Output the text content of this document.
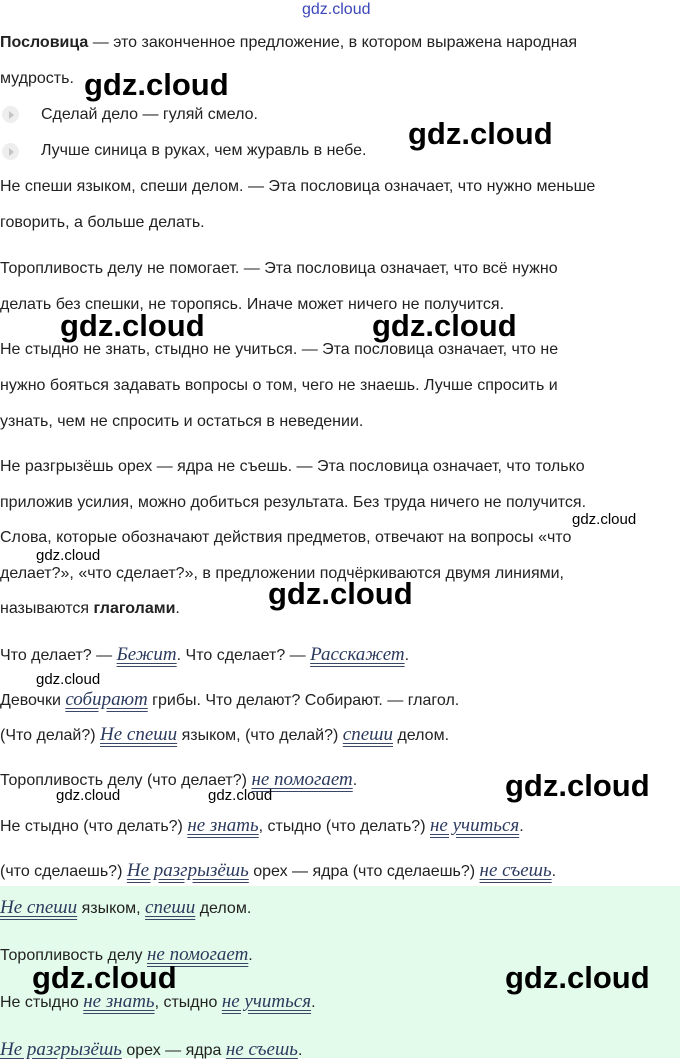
gdz.cloud
Пословица — это законченное предложение, в котором выражена народная
мудрость.
Сделай дело — гуляй смело.
Лучше синица в руках, чем журавль в небе.
Не спеши языком, спеши делом. — Эта пословица означает, что нужно меньше
говорить, а больше делать.
Торопливость делу не помогает. — Эта пословица означает, что всё нужно
делать без спешки, не торопясь. Иначе может ничего не получится.
Не стыдно не знать, стыдно не учиться. — Эта пословица означает, что не
нужно бояться задавать вопросы о том, чего не знаешь. Лучше спросить и
узнать, чем не спросить и остаться в неведении.
Не разгрызёшь орех — ядра не съешь. — Эта пословица означает, что только
приложив усилия, можно добиться результата. Без труда ничего не получится.
Слова, которые обозначают действия предметов, отвечают на вопросы «что
делает?», «что сделает?», в предложении подчёркиваются двумя линиями,
называются глаголами.
Что делает? — Бежит. Что сделает? — Расскажет.
Девочки собирают грибы. Что делают? Собирают. — глагол.
(Что делай?) Не спеши языком, (что делай?) спеши делом.
Торопливость делу (что делает?) не помогает.
Не стыдно (что делать?) не знать, стыдно (что делать?) не учиться.
(что сделаешь?) Не разгрызёшь орех — ядра (что сделаешь?) не съешь.
Не спеши языком, спеши делом.
Торопливость делу не помогает.
Не стыдно не знать, стыдно не учиться.
Не разгрызёшь орех — ядра не съешь.
gdz.cloud
gdz.cloud
gdz.cloud	gdz.cloud
gdz.cloud
gdz.cloud
gdz.cloud
gdz.cloud
gdz.cloud
gdz.cloud	gdz.cloud
gdz.cloud	gdz.cloud
